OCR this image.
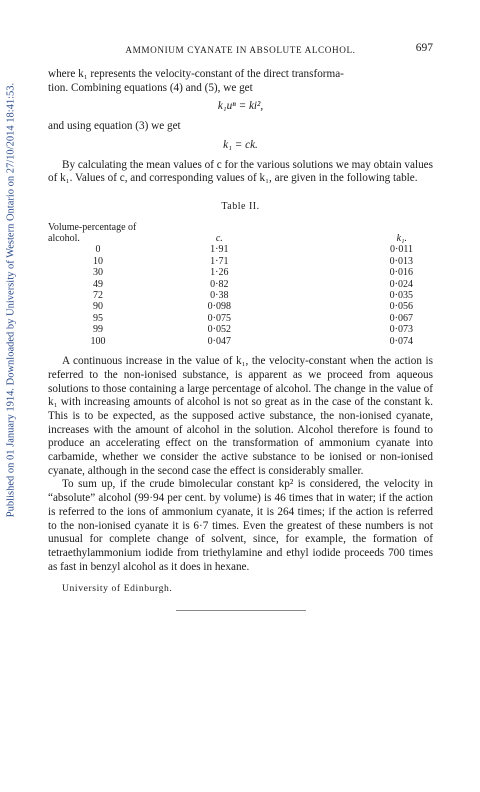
Published on 01 January 1914. Downloaded by University of Western Ontario on 27/10/2014 18:41:53.
AMMONIUM CYANATE IN ABSOLUTE ALCOHOL.	697

where k₁ represents the velocity-constant of the direct transforma-

tion. Combining equations (4) and (5), we get

k₁uⁿ = ki²,

and using equation (3) we get

k₁ = ck.

By calculating the mean values of c for the various solutions we may obtain values of k₁. Values of c, and corresponding values of k₁, are given in the following table.

Table II.
Volume-percentage of alcohol.	c.	k₁.
0	1·91	0·011
10	1·71	0·013
30	1·26	0·016
49	0·82	0·024
72	0·38	0·035
90	0·098	0·056
95	0·075	0·067
99	0·052	0·073
100	0·047	0·074

A continuous increase in the value of k₁, the velocity-constant when the action is referred to the non-ionised substance, is apparent as we proceed from aqueous solutions to those containing a large percentage of alcohol. The change in the value of k₁ with increasing amounts of alcohol is not so great as in the case of the constant k. This is to be expected, as the supposed active substance, the non-ionised cyanate, increases with the amount of alcohol in the solution. Alcohol therefore is found to produce an accelerating effect on the transformation of ammonium cyanate into carbamide, whether we consider the active substance to be ionised or non-ionised cyanate, although in the second case the effect is considerably smaller.

To sum up, if the crude bimolecular constant kp² is considered, the velocity in “absolute” alcohol (99·94 per cent. by volume) is 46 times that in water; if the action is referred to the ions of ammonium cyanate, it is 264 times; if the action is referred to the non-ionised cyanate it is 6·7 times. Even the greatest of these numbers is not unusual for complete change of solvent, since, for example, the formation of tetraethylammonium iodide from triethylamine and ethyl iodide proceeds 700 times as fast in benzyl alcohol as it does in hexane.

University of Edinburgh.
